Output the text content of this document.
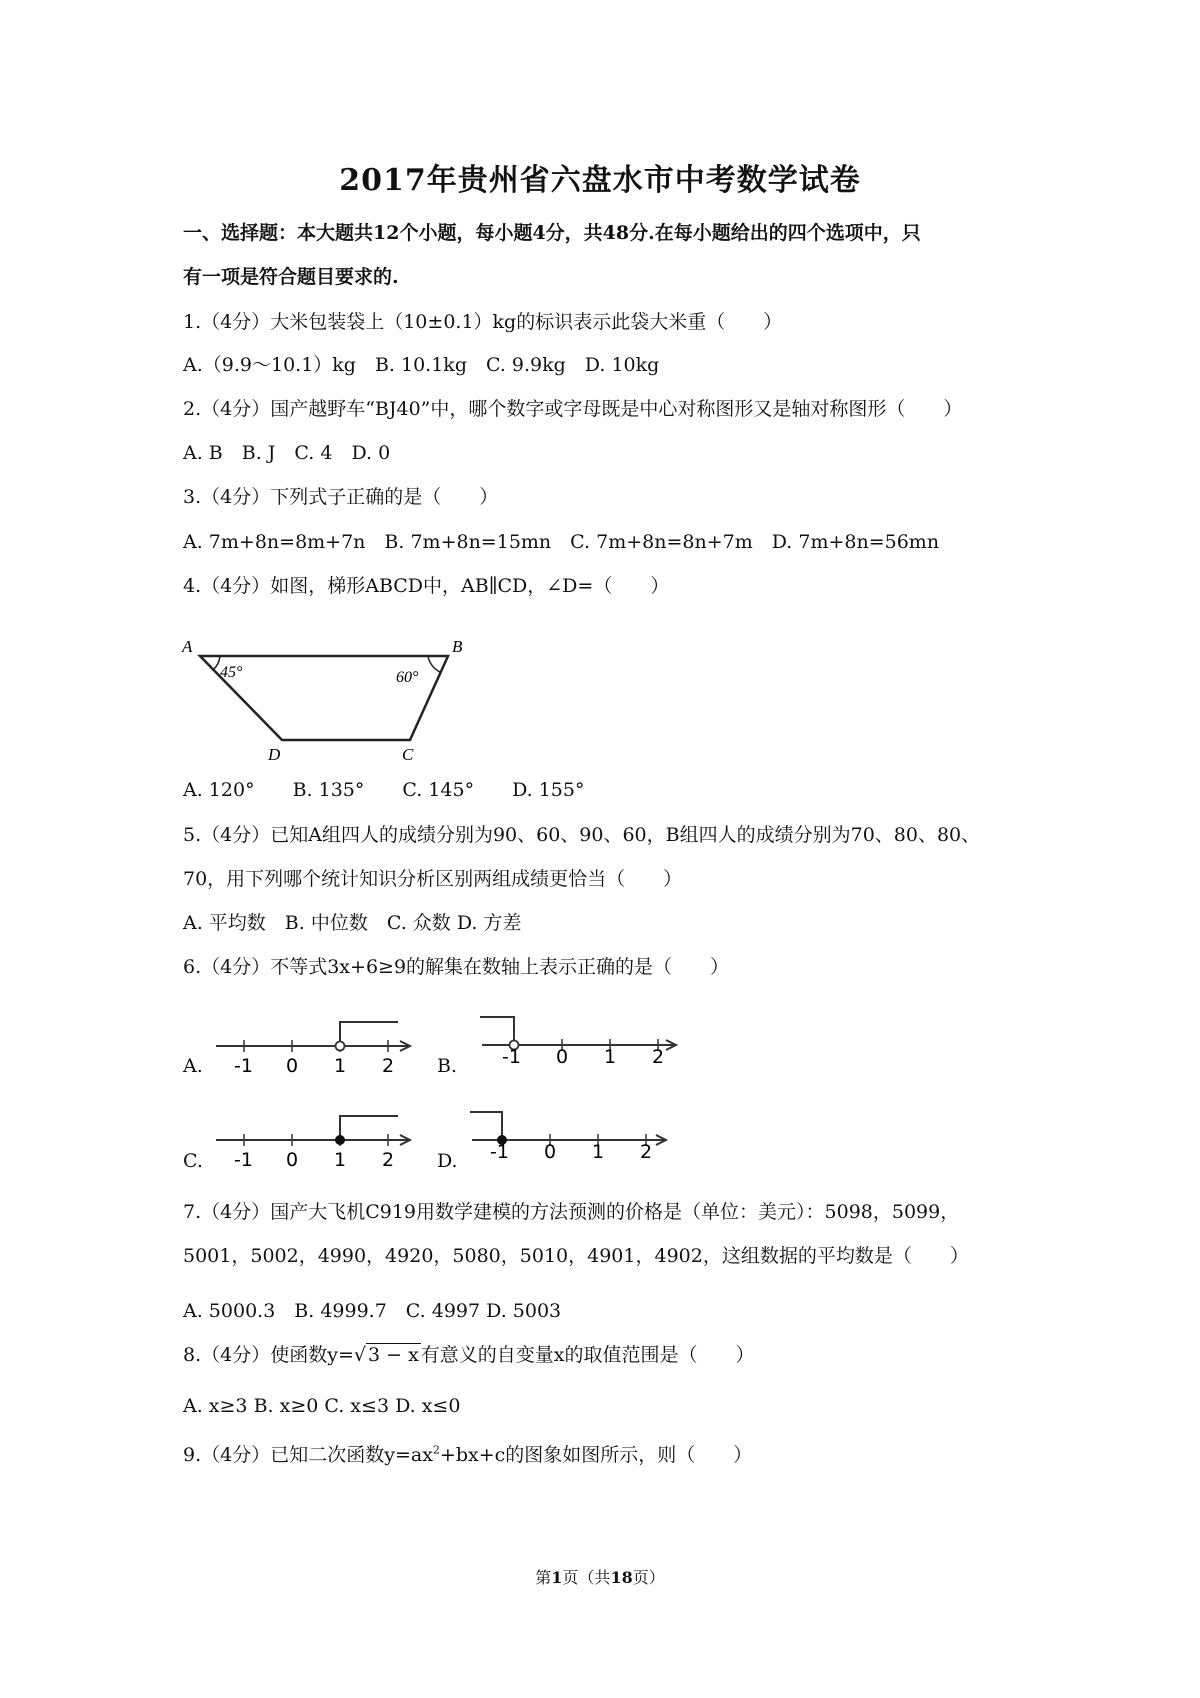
2017年贵州省六盘水市中考数学试卷
一、选择题：本大题共12个小题，每小题4分，共48分.在每小题给出的四个选项中，只
有一项是符合题目要求的.
1.（4分）大米包装袋上（10±0.1）kg的标识表示此袋大米重（　　）
A.（9.9～10.1）kg　B. 10.1kg　C. 9.9kg　D. 10kg
2.（4分）国产越野车“BJ40”中，哪个数字或字母既是中心对称图形又是轴对称图形（　　）
A. B　B. J　C. 4　D. 0
3.（4分）下列式子正确的是（　　）
A. 7m+8n=8m+7n　B. 7m+8n=15mn　C. 7m+8n=8n+7m　D. 7m+8n=56mn
4.（4分）如图，梯形ABCD中，AB∥CD，∠D=（　　）
A	B
C
D
45°	60°
A. 120°　　B. 135°　　C. 145°　　D. 155°
5.（4分）已知A组四人的成绩分别为90、60、90、60，B组四人的成绩分别为70、80、80、
70，用下列哪个统计知识分析区别两组成绩更恰当（　　）
A. 平均数　B. 中位数　C. 众数 D. 方差
6.（4分）不等式3x+6≥9的解集在数轴上表示正确的是（　　）
A.	B.
C.	D.
-1 0 1 2	-1 0 1 2
-1 0 1 2	-1 0 1 2
7.（4分）国产大飞机C919用数学建模的方法预测的价格是（单位：美元）：5098，5099，
5001，5002，4990，4920，5080，5010，4901，4902，这组数据的平均数是（　　）
A. 5000.3　B. 4999.7　C. 4997 D. 5003
8.（4分）使函数y=√ 3 − x 有意义的自变量x的取值范围是（　　）
A. x≥3 B. x≥0 C. x≤3 D. x≤0
9.（4分）已知二次函数$y=ax^2+bx+c$的图象如图所示，则（　　）
第1页（共18页）
